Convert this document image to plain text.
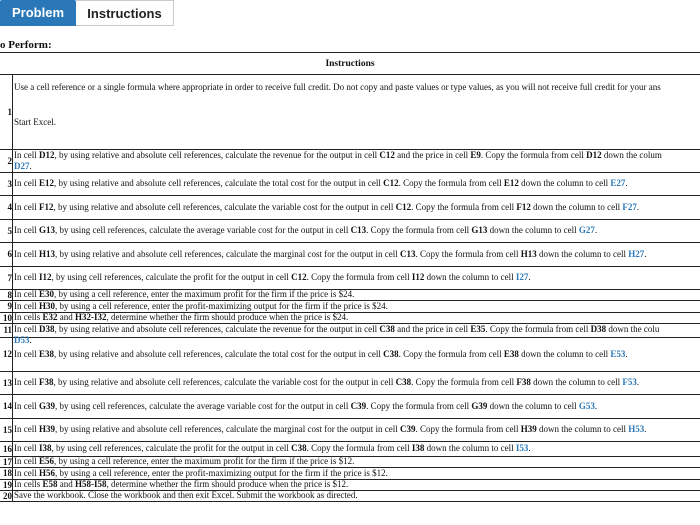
Problem	Instructions
o Perform:
Instructions
1
Use a cell reference or a single formula where appropriate in order to receive full credit. Do not copy and paste values or type values, as you will not receive full credit for your ans
Start Excel.
2
In cell D12, by using relative and absolute cell references, calculate the revenue for the output in cell C12 and the price in cell E9. Copy the formula from cell D12 down the colum
D27.
3 In cell E12, by using relative and absolute cell references, calculate the total cost for the output in cell C12. Copy the formula from cell E12 down the column to cell E27.
4 In cell F12, by using relative and absolute cell references, calculate the variable cost for the output in cell C12. Copy the formula from cell F12 down the column to cell F27.
5 In cell G13, by using cell references, calculate the average variable cost for the output in cell C13. Copy the formula from cell G13 down the column to cell G27.
6 In cell H13, by using relative and absolute cell references, calculate the marginal cost for the output in cell C13. Copy the formula from cell H13 down the column to cell H27.
7 In cell I12, by using cell references, calculate the profit for the output in cell C12. Copy the formula from cell I12 down the column to cell I27.
8 In cell E30, by using a cell reference, enter the maximum profit for the firm if the price is $24.
9 In cell H30, by using a cell reference, enter the profit-maximizing output for the firm if the price is $24.
10 In cells E32 and H32-I32, determine whether the firm should produce when the price is $24.
11 In cell D38, by using relative and absolute cell references, calculate the revenue for the output in cell C38 and the price in cell E35. Copy the formula from cell D38 down the colu
D53.
12 In cell E38, by using relative and absolute cell references, calculate the total cost for the output in cell C38. Copy the formula from cell E38 down the column to cell E53.
13 In cell F38, by using relative and absolute cell references, calculate the variable cost for the output in cell C38. Copy the formula from cell F38 down the column to cell F53.
14 In cell G39, by using cell references, calculate the average variable cost for the output in cell C39. Copy the formula from cell G39 down the column to cell G53.
15 In cell H39, by using relative and absolute cell references, calculate the marginal cost for the output in cell C39. Copy the formula from cell H39 down the column to cell H53.
16 In cell I38, by using cell references, calculate the profit for the output in cell C38. Copy the formula from cell I38 down the column to cell I53.
17 In cell E56, by using a cell reference, enter the maximum profit for the firm if the price is $12.
18 In cell H56, by using a cell reference, enter the profit-maximizing output for the firm if the price is $12.
19 In cells E58 and H58-I58, determine whether the firm should produce when the price is $12.
20 Save the workbook. Close the workbook and then exit Excel. Submit the workbook as directed.
